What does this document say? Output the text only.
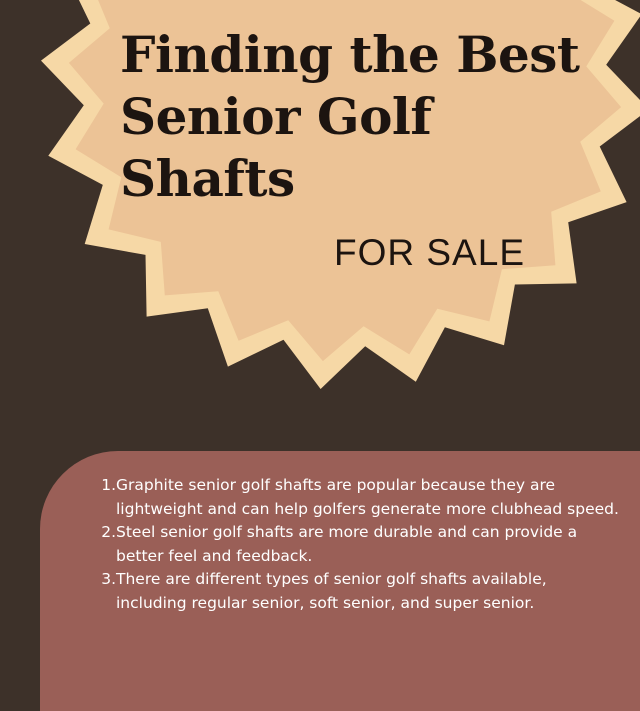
Finding the Best
Senior Golf
Shafts

FOR SALE

1. Graphite senior golf shafts are popular because they are lightweight and can help golfers generate more clubhead speed.
2. Steel senior golf shafts are more durable and can provide a better feel and feedback.
3. There are different types of senior golf shafts available, including regular senior, soft senior, and super senior.
